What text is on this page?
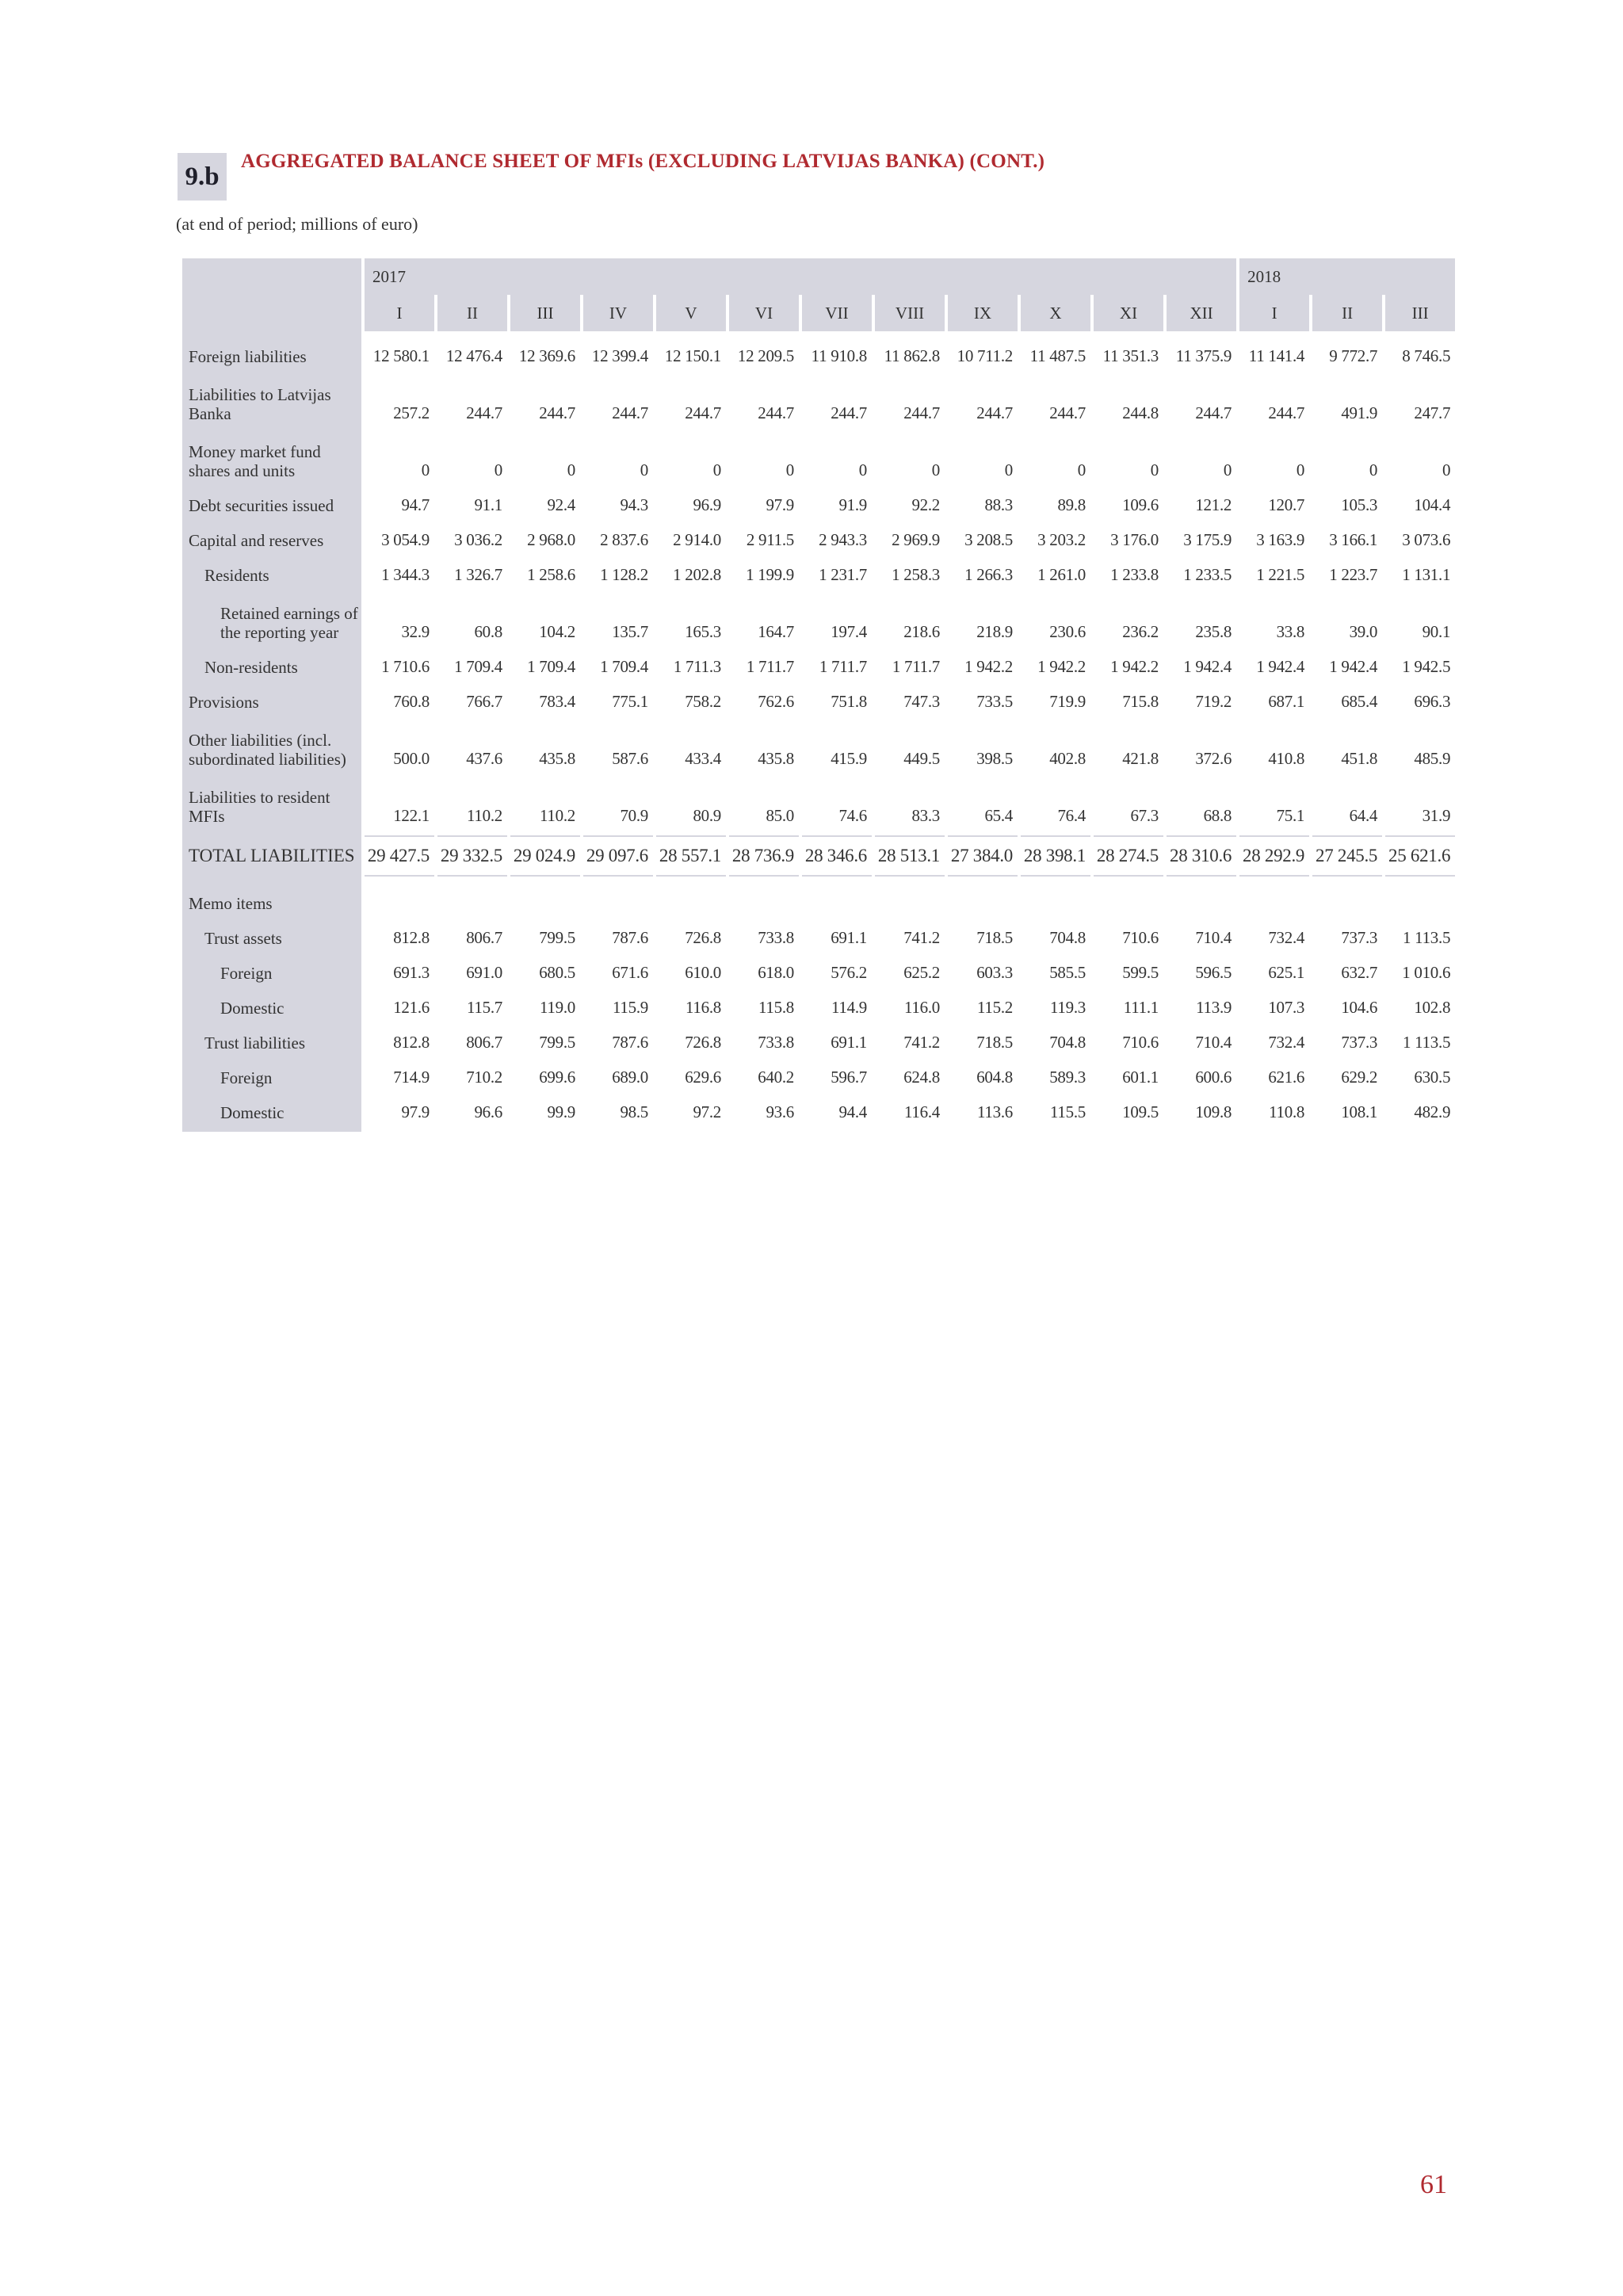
9.b
AGGREGATED BALANCE SHEET OF MFIs (EXCLUDING LATVIJAS BANKA) (CONT.)
(at end of period; millions of euro)
	2017												2018		
	I	II	III	IV	V	VI	VII	VIII	IX	X	XI	XII	I	II	III

Foreign liabilities	12 580.1	12 476.4	12 369.6	12 399.4	12 150.1	12 209.5	11 910.8	11 862.8	10 711.2	11 487.5	11 351.3	11 375.9	11 141.4	9 772.7	8 746.5
Liabilities to Latvijas Banka	257.2	244.7	244.7	244.7	244.7	244.7	244.7	244.7	244.7	244.7	244.8	244.7	244.7	491.9	247.7
Money market fund shares and units	0	0	0	0	0	0	0	0	0	0	0	0	0	0	0
Debt securities issued	94.7	91.1	92.4	94.3	96.9	97.9	91.9	92.2	88.3	89.8	109.6	121.2	120.7	105.3	104.4
Capital and reserves	3 054.9	3 036.2	2 968.0	2 837.6	2 914.0	2 911.5	2 943.3	2 969.9	3 208.5	3 203.2	3 176.0	3 175.9	3 163.9	3 166.1	3 073.6
Residents	1 344.3	1 326.7	1 258.6	1 128.2	1 202.8	1 199.9	1 231.7	1 258.3	1 266.3	1 261.0	1 233.8	1 233.5	1 221.5	1 223.7	1 131.1
Retained earnings of the reporting year	32.9	60.8	104.2	135.7	165.3	164.7	197.4	218.6	218.9	230.6	236.2	235.8	33.8	39.0	90.1
Non-residents	1 710.6	1 709.4	1 709.4	1 709.4	1 711.3	1 711.7	1 711.7	1 711.7	1 942.2	1 942.2	1 942.2	1 942.4	1 942.4	1 942.4	1 942.5
Provisions	760.8	766.7	783.4	775.1	758.2	762.6	751.8	747.3	733.5	719.9	715.8	719.2	687.1	685.4	696.3
Other liabilities (incl. subordinated liabilities)	500.0	437.6	435.8	587.6	433.4	435.8	415.9	449.5	398.5	402.8	421.8	372.6	410.8	451.8	485.9
Liabilities to resident MFIs	122.1	110.2	110.2	70.9	80.9	85.0	74.6	83.3	65.4	76.4	67.3	68.8	75.1	64.4	31.9

TOTAL LIABILITIES	29 427.5	29 332.5	29 024.9	29 097.6	28 557.1	28 736.9	28 346.6	28 513.1	27 384.0	28 398.1	28 274.5	28 310.6	28 292.9	27 245.5	25 621.6
Memo items															
Trust assets	812.8	806.7	799.5	787.6	726.8	733.8	691.1	741.2	718.5	704.8	710.6	710.4	732.4	737.3	1 113.5
Foreign	691.3	691.0	680.5	671.6	610.0	618.0	576.2	625.2	603.3	585.5	599.5	596.5	625.1	632.7	1 010.6
Domestic	121.6	115.7	119.0	115.9	116.8	115.8	114.9	116.0	115.2	119.3	111.1	113.9	107.3	104.6	102.8
Trust liabilities	812.8	806.7	799.5	787.6	726.8	733.8	691.1	741.2	718.5	704.8	710.6	710.4	732.4	737.3	1 113.5
Foreign	714.9	710.2	699.6	689.0	629.6	640.2	596.7	624.8	604.8	589.3	601.1	600.6	621.6	629.2	630.5
Domestic	97.9	96.6	99.9	98.5	97.2	93.6	94.4	116.4	113.6	115.5	109.5	109.8	110.8	108.1	482.9

61
